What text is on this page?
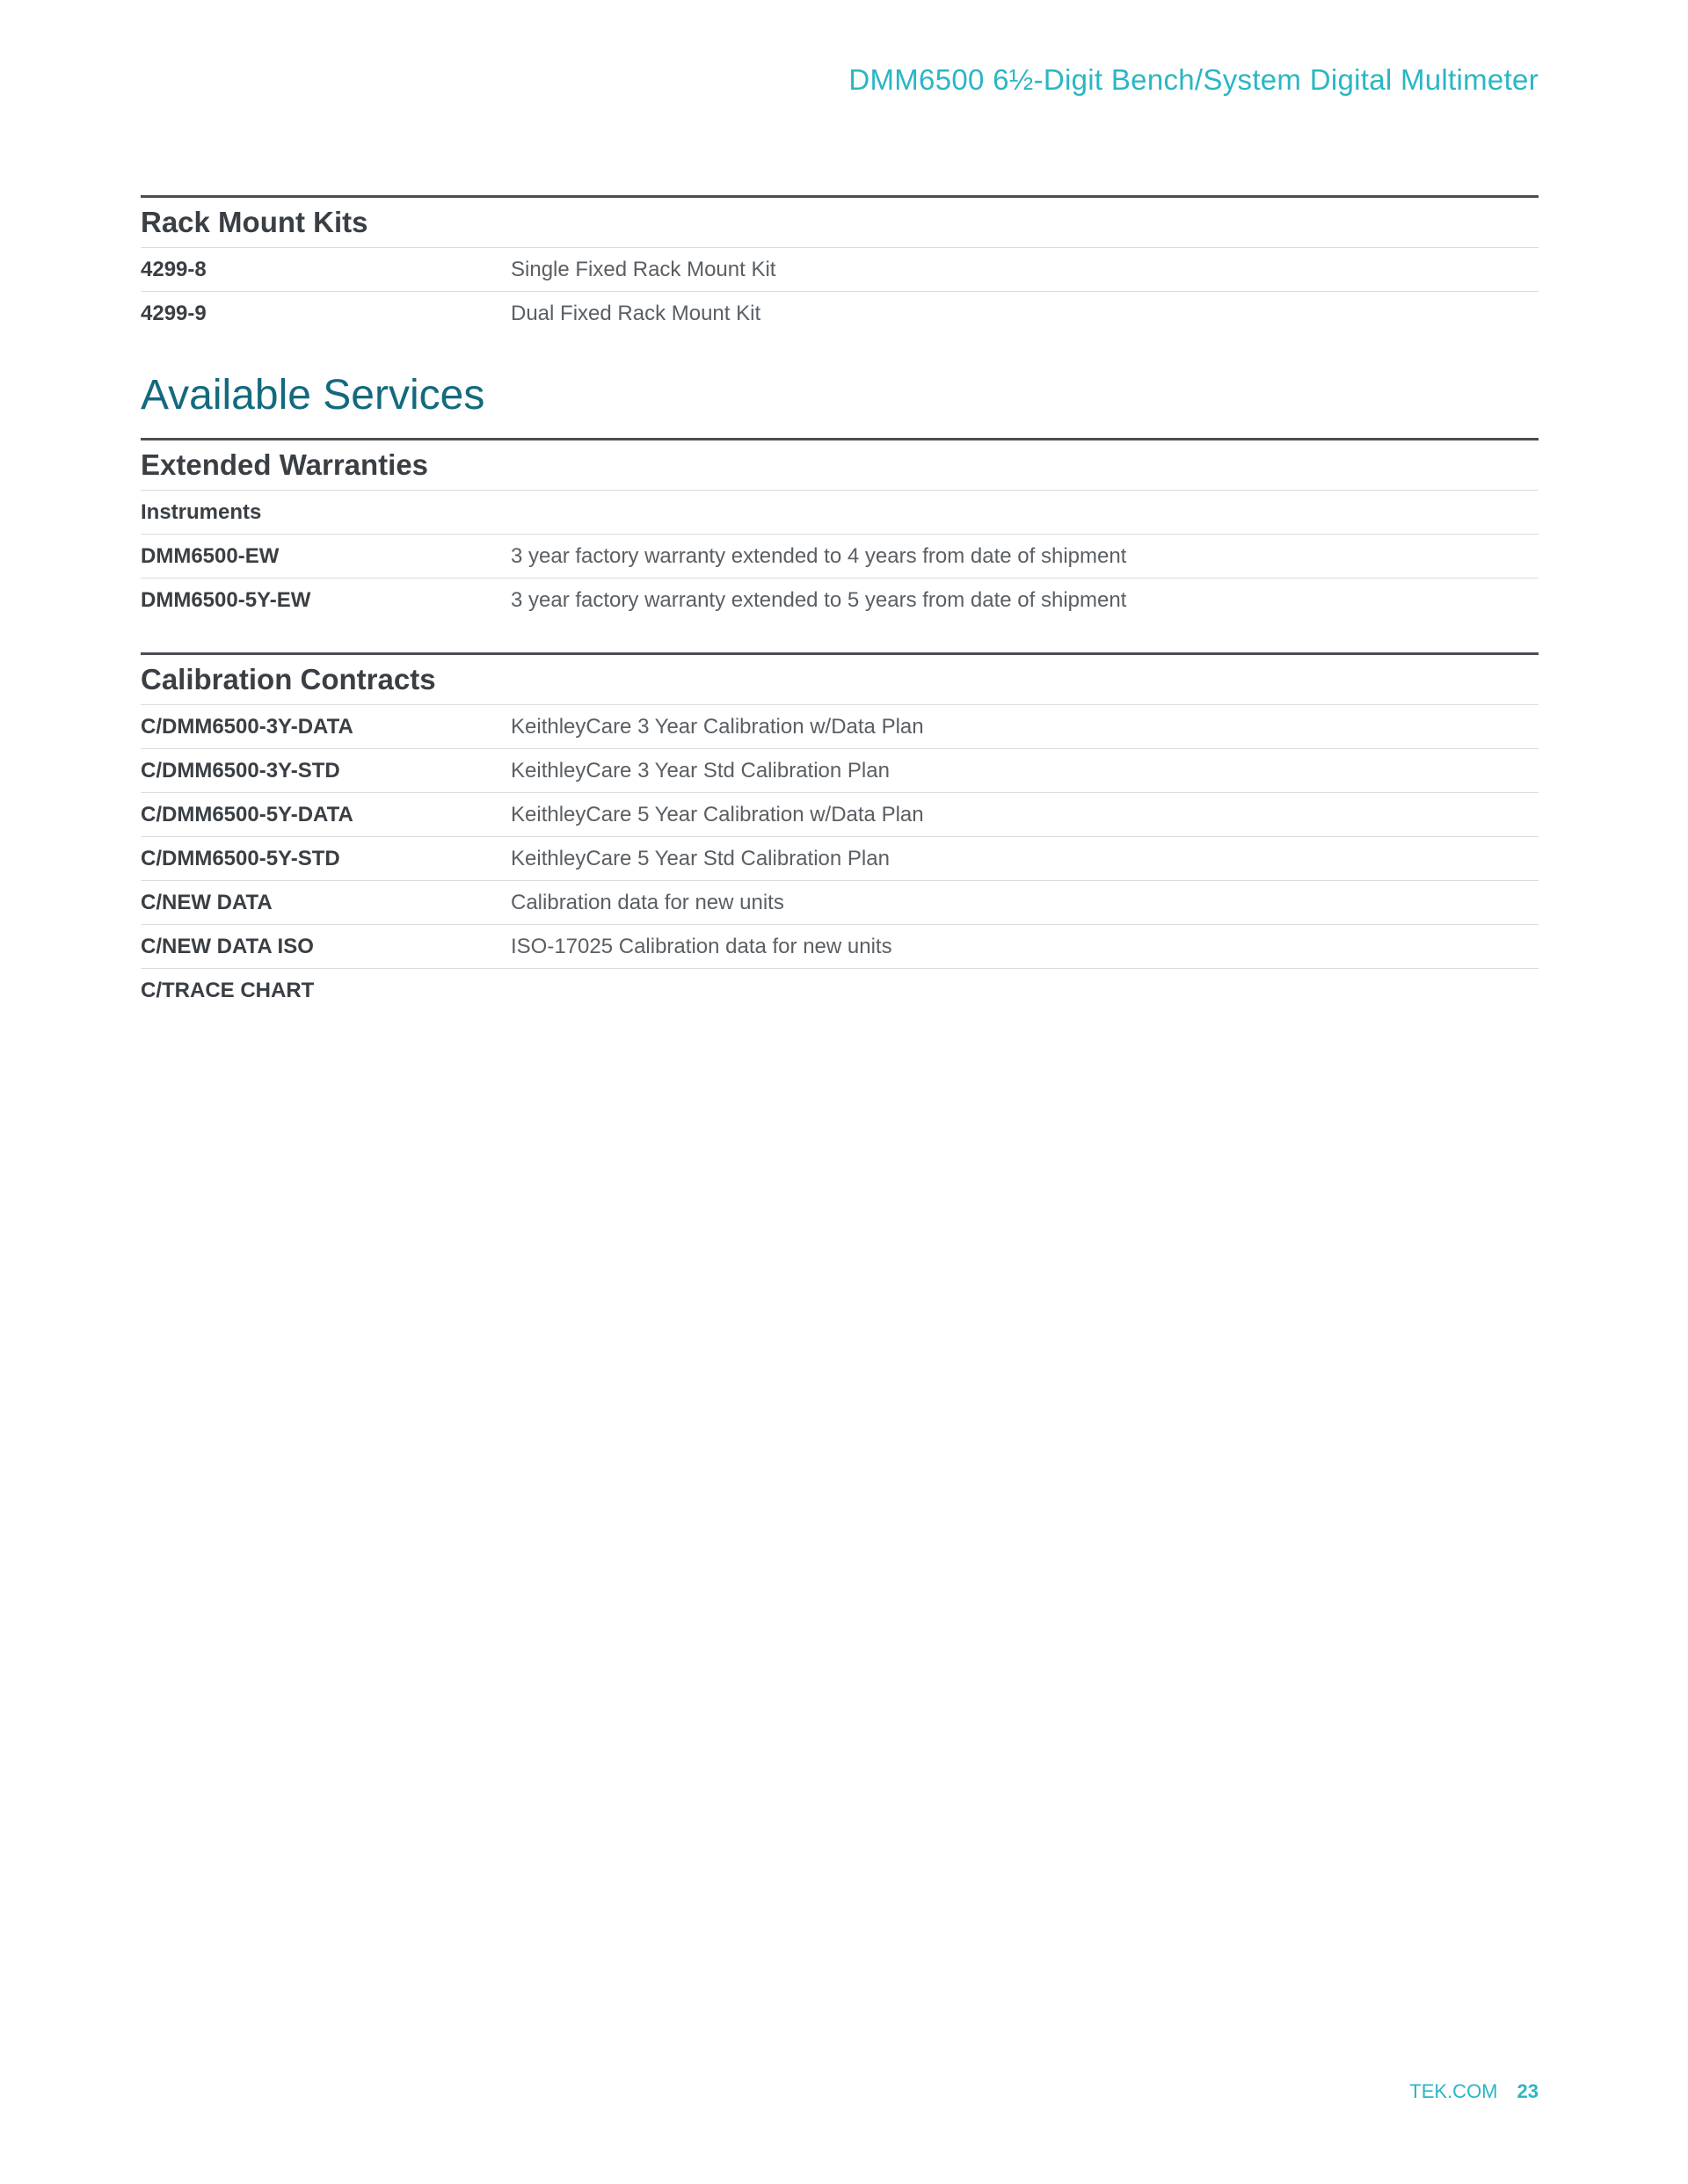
DMM6500 6½-Digit Bench/System Digital Multimeter
Rack Mount Kits
4299-8	Single Fixed Rack Mount Kit
4299-9	Dual Fixed Rack Mount Kit
Available Services
Extended Warranties
Instruments
DMM6500-EW	3 year factory warranty extended to 4 years from date of shipment
DMM6500-5Y-EW	3 year factory warranty extended to 5 years from date of shipment
Calibration Contracts
C/DMM6500-3Y-DATA	KeithleyCare 3 Year Calibration w/Data Plan
C/DMM6500-3Y-STD	KeithleyCare 3 Year Std Calibration Plan
C/DMM6500-5Y-DATA	KeithleyCare 5 Year Calibration w/Data Plan
C/DMM6500-5Y-STD	KeithleyCare 5 Year Std Calibration Plan
C/NEW DATA	Calibration data for new units
C/NEW DATA ISO	ISO-17025 Calibration data for new units
C/TRACE CHART
TEK.COM 23
